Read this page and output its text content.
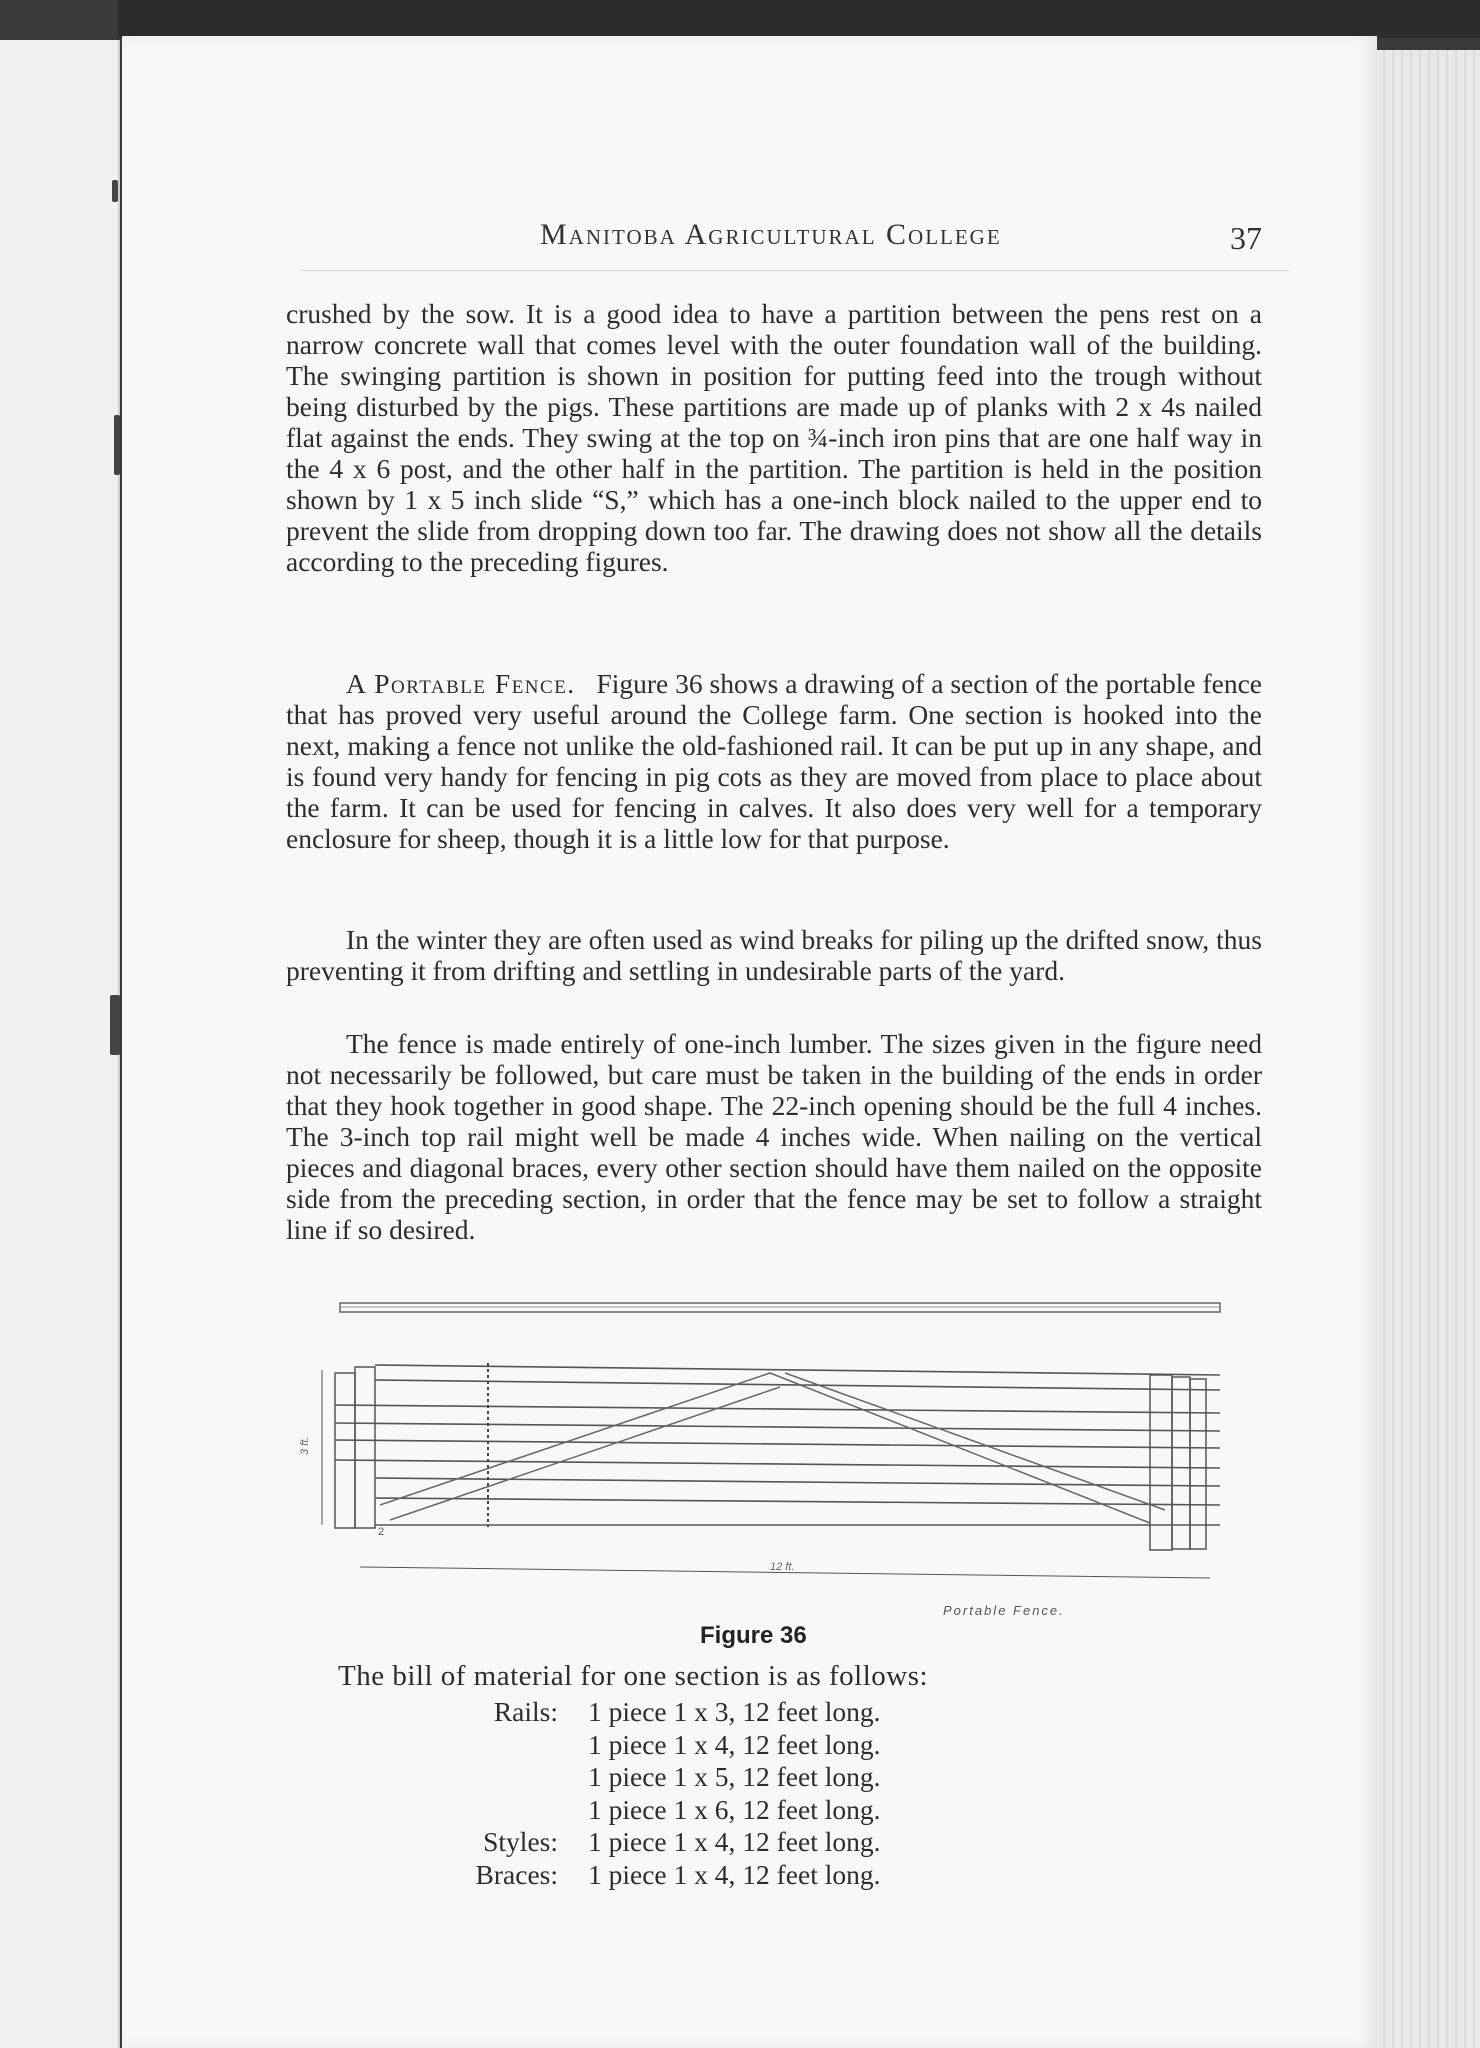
Manitoba Agricultural College	37
crushed by the sow. It is a good idea to have a partition between the pens rest on a narrow concrete wall that comes level with the outer foundation wall of the building. The swinging partition is shown in position for putting feed into the trough without being disturbed by the pigs. These partitions are made up of planks with 2 x 4s nailed flat against the ends. They swing at the top on ¾-inch iron pins that are one half way in the 4 x 6 post, and the other half in the partition. The partition is held in the position shown by 1 x 5 inch slide “S,” which has a one-inch block nailed to the upper end to prevent the slide from dropping down too far. The drawing does not show all the details according to the preceding figures.
A Portable Fence. Figure 36 shows a drawing of a section of the portable fence that has proved very useful around the College farm. One section is hooked into the next, making a fence not unlike the old-fashioned rail. It can be put up in any shape, and is found very handy for fencing in pig cots as they are moved from place to place about the farm. It can be used for fencing in calves. It also does very well for a temporary enclosure for sheep, though it is a little low for that purpose.
In the winter they are often used as wind breaks for piling up the drifted snow, thus preventing it from drifting and settling in undesirable parts of the yard.
The fence is made entirely of one-inch lumber. The sizes given in the figure need not necessarily be followed, but care must be taken in the building of the ends in order that they hook together in good shape. The 22-inch opening should be the full 4 inches. The 3-inch top rail might well be made 4 inches wide. When nailing on the vertical pieces and diagonal braces, every other section should have them nailed on the opposite side from the preceding section, in order that the fence may be set to follow a straight line if so desired.
12 ft.
3 ft.
2
Portable Fence.
Figure 36
The bill of material for one section is as follows:
Rails:	1 piece 1 x 3, 12 feet long.
1 piece 1 x 4, 12 feet long.
1 piece 1 x 5, 12 feet long.
1 piece 1 x 6, 12 feet long.
Styles:	1 piece 1 x 4, 12 feet long.
Braces:	1 piece 1 x 4, 12 feet long.
